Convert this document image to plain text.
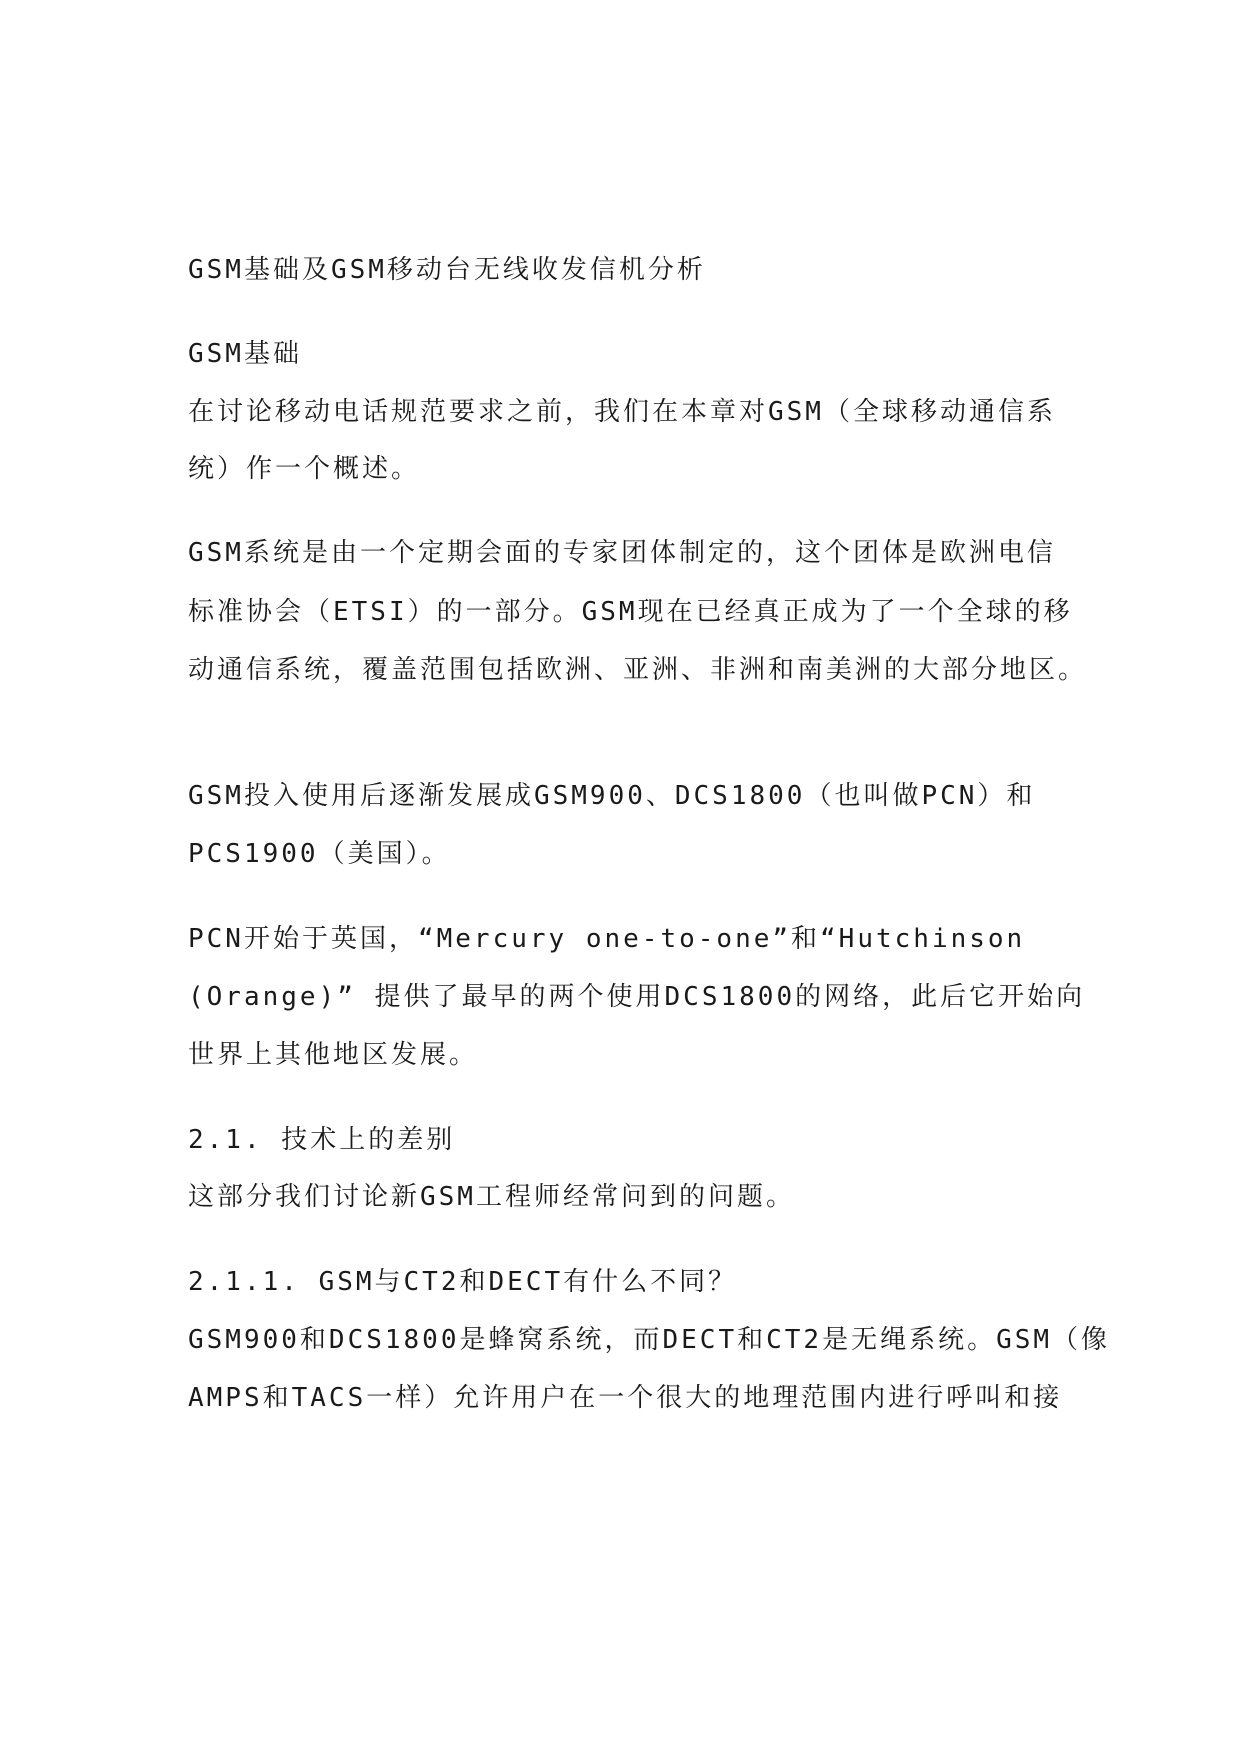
GSM基础及GSM移动台无线收发信机分析
GSM基础
在讨论移动电话规范要求之前，我们在本章对GSM（全球移动通信系
统）作一个概述。
GSM系统是由一个定期会面的专家团体制定的，这个团体是欧洲电信
标准协会（ETSI）的一部分。GSM现在已经真正成为了一个全球的移
动通信系统，覆盖范围包括欧洲、亚洲、非洲和南美洲的大部分地区。
GSM投入使用后逐渐发展成GSM900、DCS1800（也叫做PCN）和
PCS1900（美国）。
PCN开始于英国，“Mercury one-to-one”和“Hutchinson
(Orange)” 提供了最早的两个使用DCS1800的网络，此后它开始向
世界上其他地区发展。
2.1. 技术上的差别
这部分我们讨论新GSM工程师经常问到的问题。
2.1.1. GSM与CT2和DECT有什么不同？
GSM900和DCS1800是蜂窝系统，而DECT和CT2是无绳系统。GSM（像
AMPS和TACS一样）允许用户在一个很大的地理范围内进行呼叫和接
